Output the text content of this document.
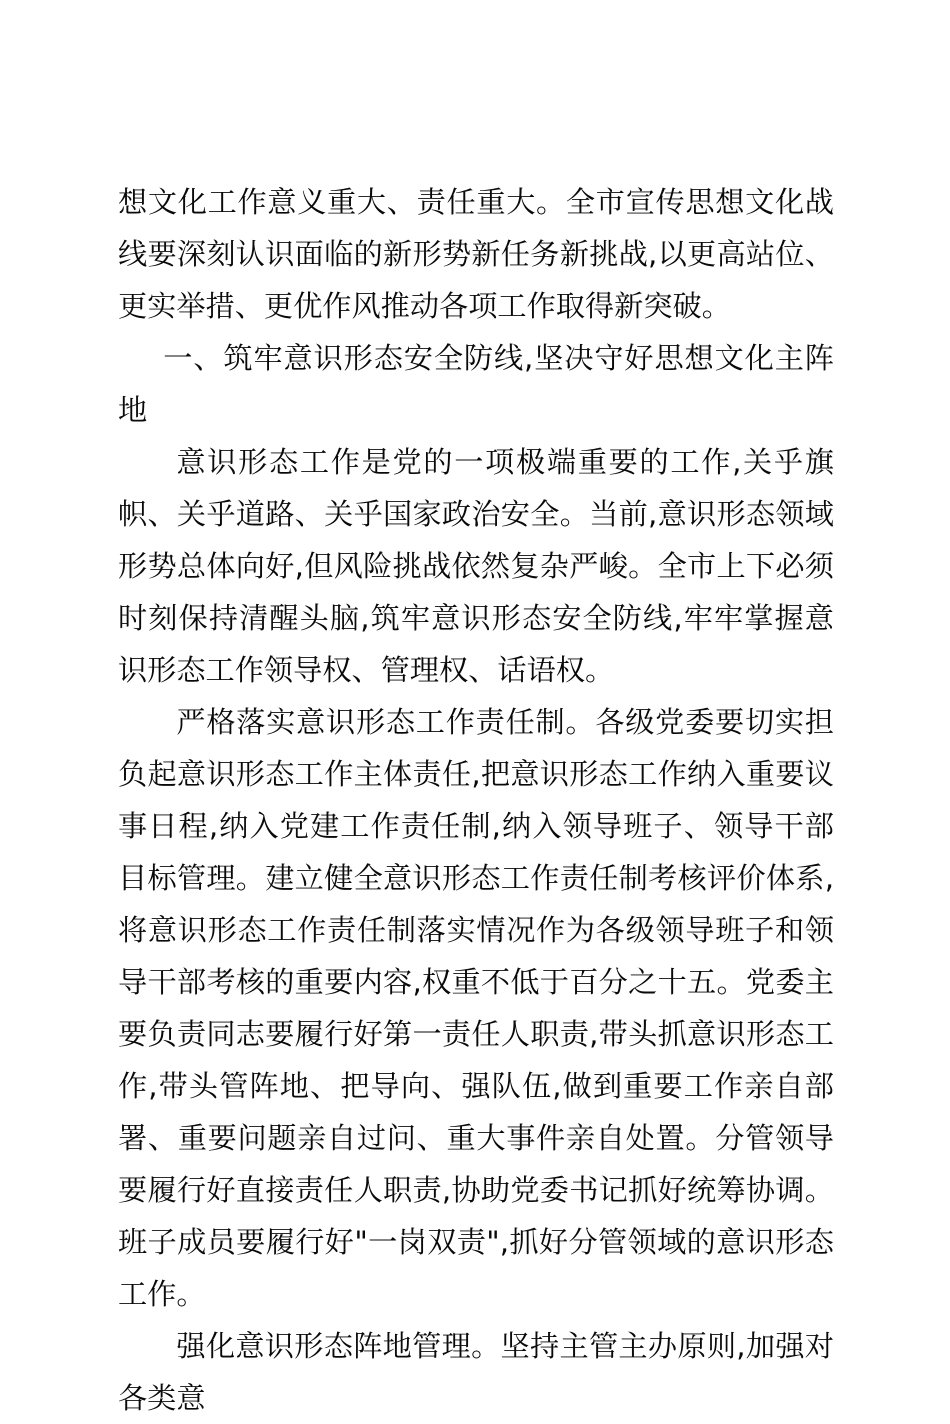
想文化工作意义重大、责任重大。全市宣传思想文化战线要深刻认识面临的新形势新任务新挑战,以更高站位、更实举措、更优作风推动各项工作取得新突破。

一、筑牢意识形态安全防线,坚决守好思想文化主阵地

意识形态工作是党的一项极端重要的工作,关乎旗帜、关乎道路、关乎国家政治安全。当前,意识形态领域形势总体向好,但风险挑战依然复杂严峻。全市上下必须时刻保持清醒头脑,筑牢意识形态安全防线,牢牢掌握意识形态工作领导权、管理权、话语权。

严格落实意识形态工作责任制。各级党委要切实担负起意识形态工作主体责任,把意识形态工作纳入重要议事日程,纳入党建工作责任制,纳入领导班子、领导干部目标管理。建立健全意识形态工作责任制考核评价体系,将意识形态工作责任制落实情况作为各级领导班子和领导干部考核的重要内容,权重不低于百分之十五。党委主要负责同志要履行好第一责任人职责,带头抓意识形态工作,带头管阵地、把导向、强队伍,做到重要工作亲自部署、重要问题亲自过问、重大事件亲自处置。分管领导要履行好直接责任人职责,协助党委书记抓好统筹协调。班子成员要履行好"一岗双责",抓好分管领域的意识形态工作。

强化意识形态阵地管理。坚持主管主办原则,加强对各类意
